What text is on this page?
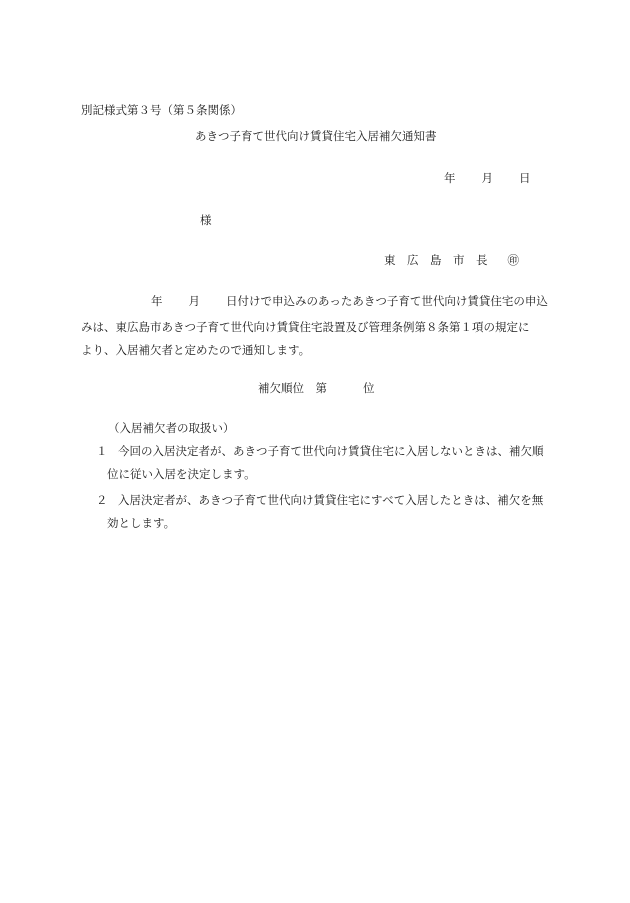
別記様式第３号（第５条関係）
あきつ子育て世代向け賃貸住宅入居補欠通知書
年 月 日
様
東　広　島　市　長 ㊞
年 月 日付けで申込みのあったあきつ子育て世代向け賃貸住宅の申込
みは、東広島市あきつ子育て世代向け賃貸住宅設置及び管理条例第８条第１項の規定に
より、入居補欠者と定めたので通知します。
補欠順位　第	位
（入居補欠者の取扱い）
１ 今回の入居決定者が、あきつ子育て世代向け賃貸住宅に入居しないときは、補欠順
位に従い入居を決定します。
２ 入居決定者が、あきつ子育て世代向け賃貸住宅にすべて入居したときは、補欠を無
効とします。
